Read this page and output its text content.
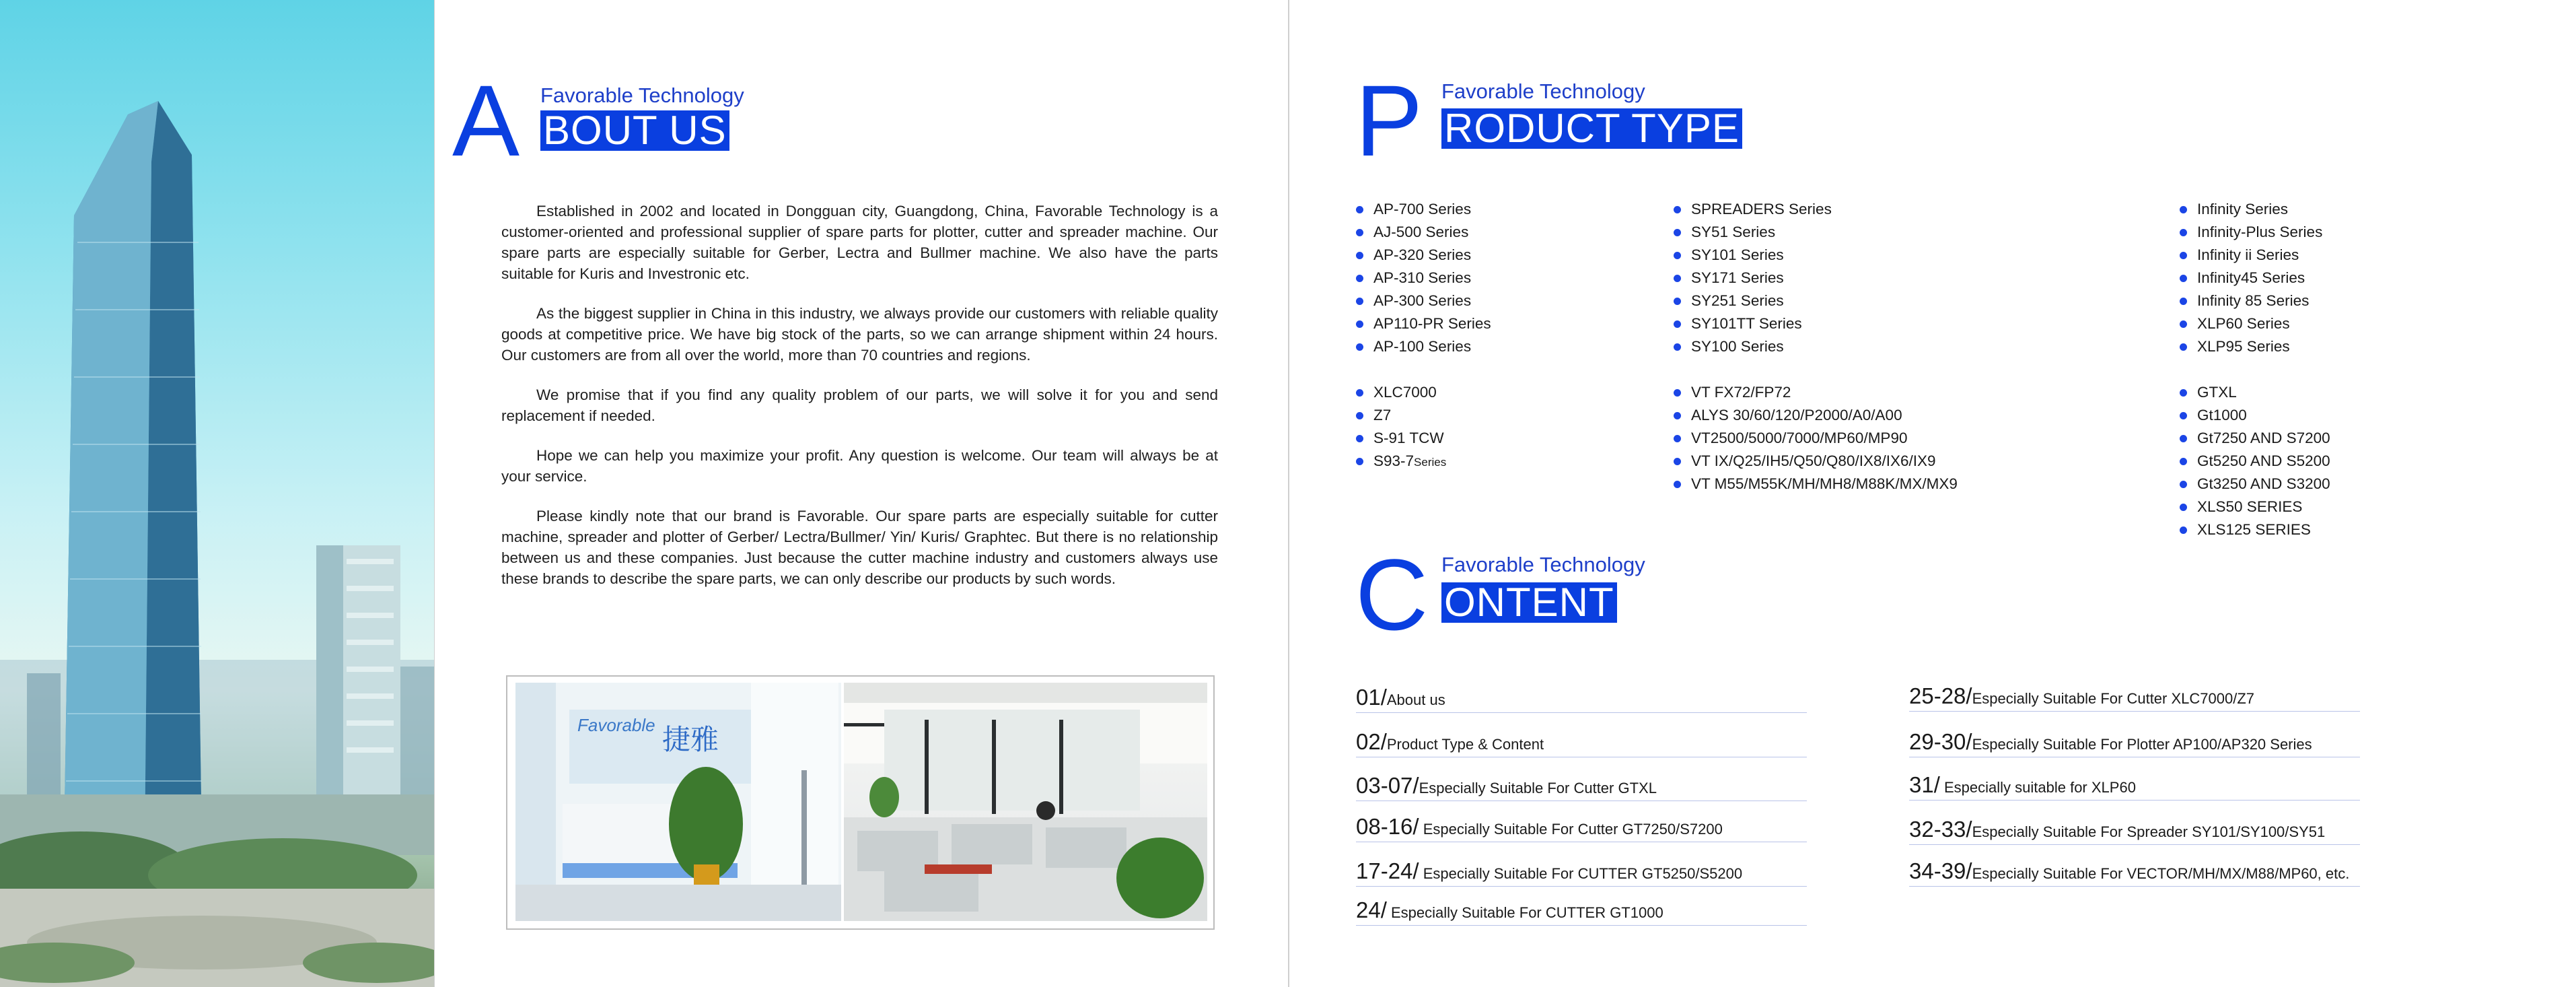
A Favorable Technology
BOUT US

Established in 2002 and located in Dongguan city, Guangdong, China, Favorable Technology is a customer-oriented and professional supplier of spare parts for plotter, cutter and spreader machine. Our spare parts are especially suitable for Gerber, Lectra and Bullmer machine. We also have the parts suitable for Kuris and Investronic etc.

As the biggest supplier in China in this industry, we always provide our customers with reliable quality goods at competitive price. We have big stock of the parts, so we can arrange shipment within 24 hours. Our customers are from all over the world, more than 70 countries and regions.

We promise that if you find any quality problem of our parts, we will solve it for you and send replacement if needed.

Hope we can help you maximize your profit. Any question is welcome. Our team will always be at your service.

Please kindly note that our brand is Favorable. Our spare parts are especially suitable for cutter machine, spreader and plotter of Gerber/ Lectra/Bullmer/ Yin/ Kuris/ Graphtec. But there is no relationship between us and these companies. Just because the cutter machine industry and customers always use these brands to describe the spare parts, we can only describe our products by such words.

Favorable 捷雅
P Favorable Technology
RODUCT TYPE
AP-700 Series
AJ-500 Series
AP-320 Series
AP-310 Series
AP-300 Series
AP110-PR Series
AP-100 Series
XLC7000
Z7
S-91 TCW
S93-7Series
SPREADERS Series
SY51 Series
SY101 Series
SY171 Series
SY251 Series
SY101TT Series
SY100 Series
VT FX72/FP72
ALYS 30/60/120/P2000/A0/A00
VT2500/5000/7000/MP60/MP90
VT IX/Q25/IH5/Q50/Q80/IX8/IX6/IX9
VT M55/M55K/MH/MH8/M88K/MX/MX9
Infinity Series
Infinity-Plus Series
Infinity ii Series
Infinity45 Series
Infinity 85 Series
XLP60 Series
XLP95 Series
GTXL
Gt1000
Gt7250 AND S7200
Gt5250 AND S5200
Gt3250 AND S3200
XLS50 SERIES
XLS125 SERIES
C Favorable Technology
ONTENT
01/About us
02/Product Type & Content
03-07/Especially Suitable For Cutter GTXL
08-16/ Especially Suitable For Cutter GT7250/S7200
17-24/ Especially Suitable For CUTTER GT5250/S5200
24/ Especially Suitable For CUTTER GT1000
25-28/Especially Suitable For Cutter XLC7000/Z7
29-30/Especially Suitable For Plotter AP100/AP320 Series
31/ Especially suitable for XLP60
32-33/Especially Suitable For Spreader SY101/SY100/SY51
34-39/Especially Suitable For VECTOR/MH/MX/M88/MP60, etc.
